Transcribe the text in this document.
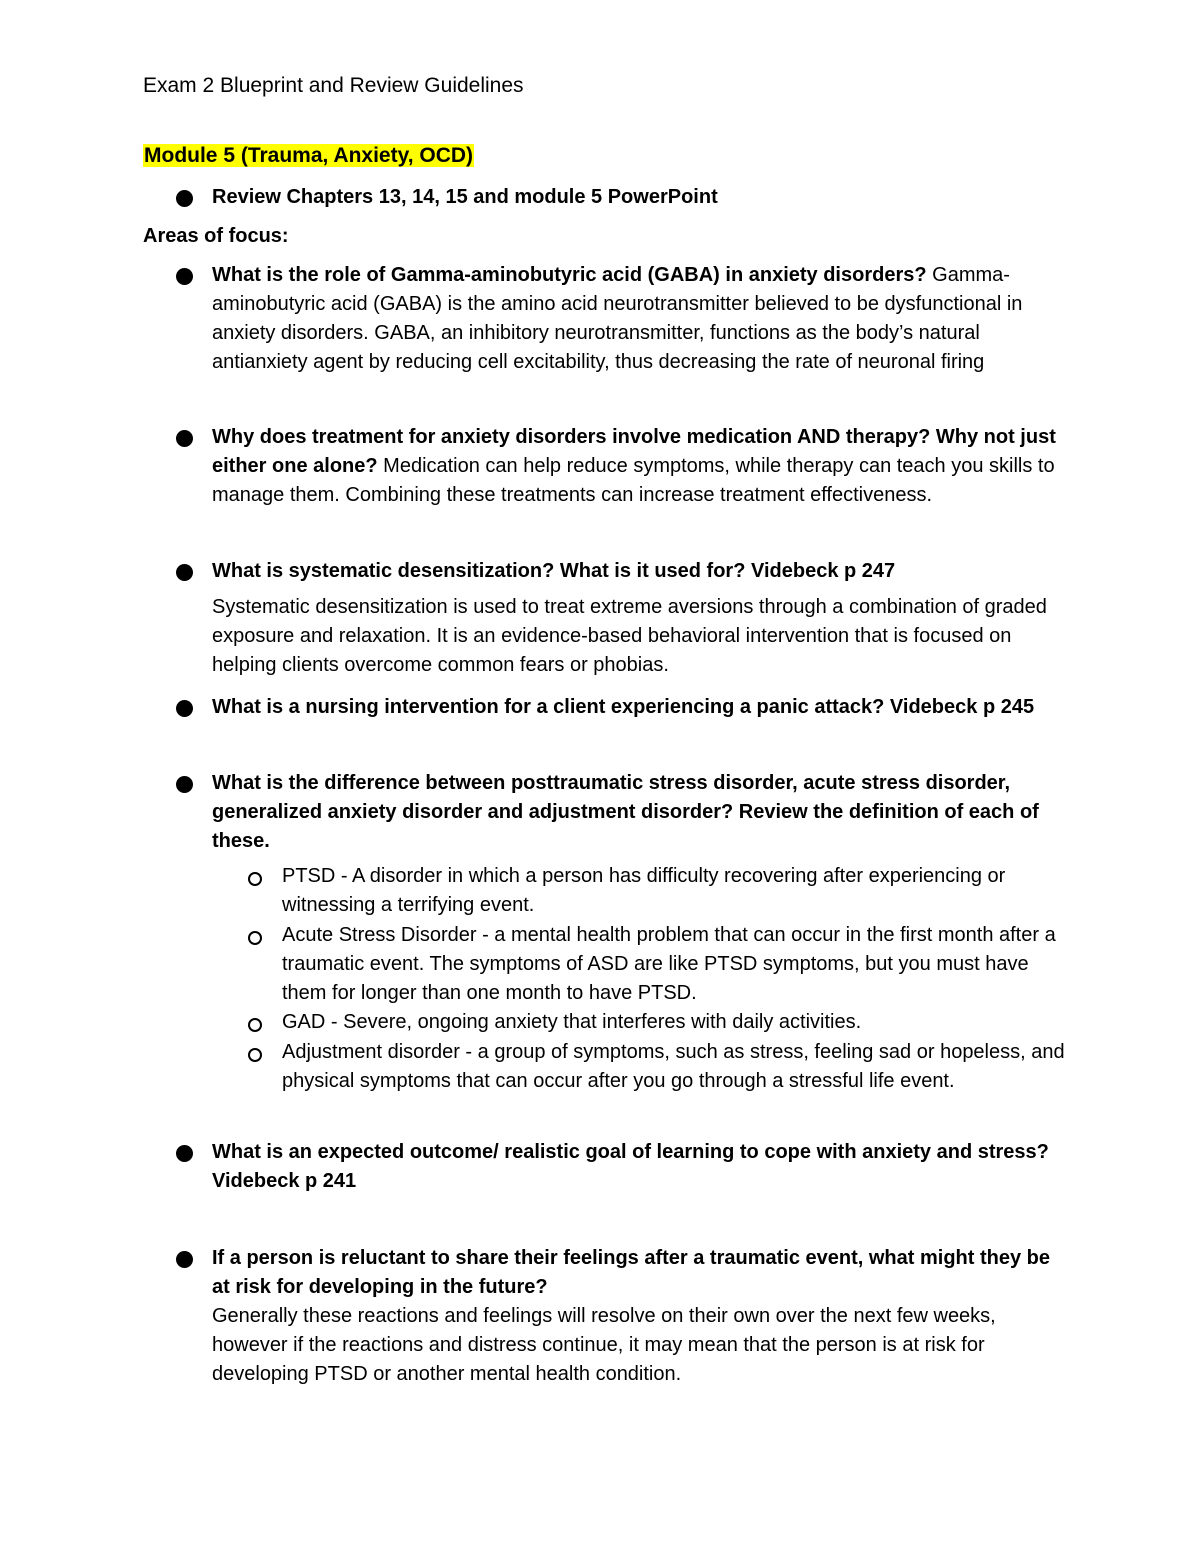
Exam 2 Blueprint and Review Guidelines
Module 5 (Trauma, Anxiety, OCD)
Review Chapters 13, 14, 15 and module 5 PowerPoint
Areas of focus:
What is the role of Gamma-aminobutyric acid (GABA) in anxiety disorders? Gamma-aminobutyric acid (GABA) is the amino acid neurotransmitter believed to be dysfunctional in anxiety disorders. GABA, an inhibitory neurotransmitter, functions as the body’s natural antianxiety agent by reducing cell excitability, thus decreasing the rate of neuronal firing
Why does treatment for anxiety disorders involve medication AND therapy? Why not just either one alone? Medication can help reduce symptoms, while therapy can teach you skills to manage them. Combining these treatments can increase treatment effectiveness.
What is systematic desensitization? What is it used for? Videbeck p 247
Systematic desensitization is used to treat extreme aversions through a combination of graded exposure and relaxation. It is an evidence-based behavioral intervention that is focused on helping clients overcome common fears or phobias.
What is a nursing intervention for a client experiencing a panic attack? Videbeck p 245
What is the difference between posttraumatic stress disorder, acute stress disorder, generalized anxiety disorder and adjustment disorder? Review the definition of each of these.
PTSD - A disorder in which a person has difficulty recovering after experiencing or witnessing a terrifying event.
Acute Stress Disorder - a mental health problem that can occur in the first month after a traumatic event. The symptoms of ASD are like PTSD symptoms, but you must have them for longer than one month to have PTSD.
GAD - Severe, ongoing anxiety that interferes with daily activities.
Adjustment disorder - a group of symptoms, such as stress, feeling sad or hopeless, and physical symptoms that can occur after you go through a stressful life event.
What is an expected outcome/ realistic goal of learning to cope with anxiety and stress? Videbeck p 241
If a person is reluctant to share their feelings after a traumatic event, what might they be at risk for developing in the future?
Generally these reactions and feelings will resolve on their own over the next few weeks, however if the reactions and distress continue, it may mean that the person is at risk for developing PTSD or another mental health condition.
